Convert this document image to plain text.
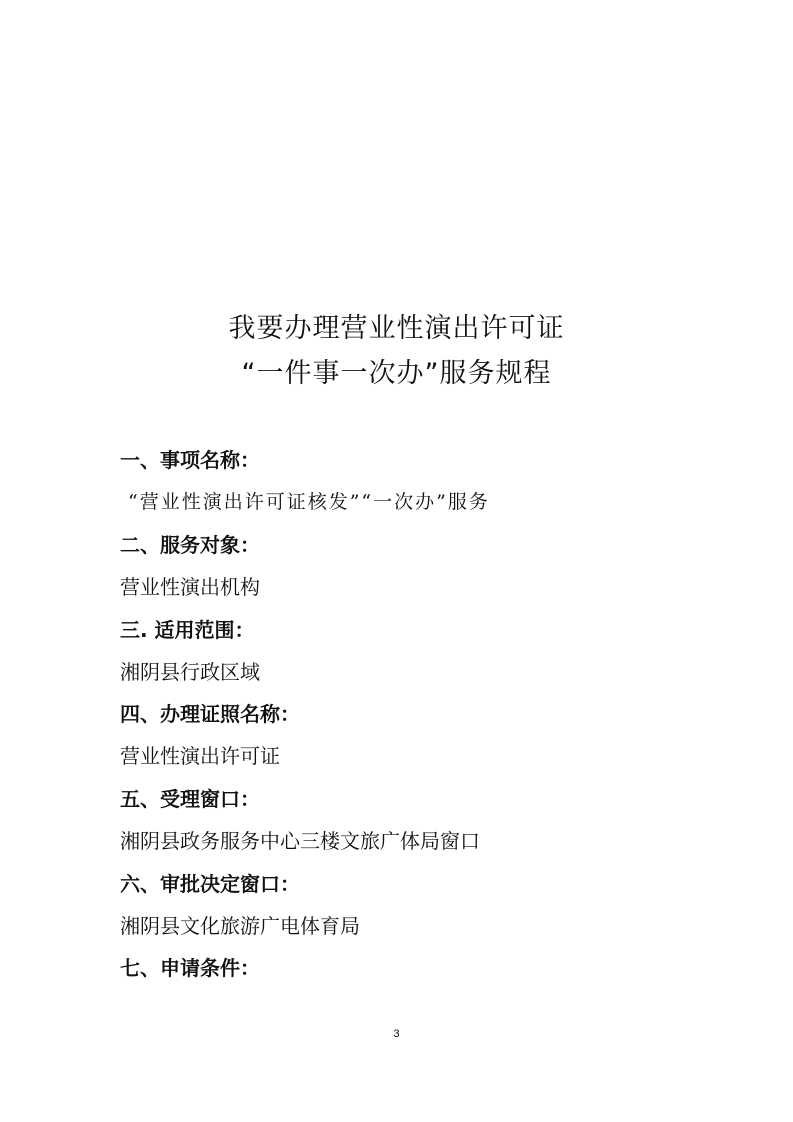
我要办理营业性演出许可证
“一件事一次办”服务规程
一、事项名称：
“营业性演出许可证核发”“一次办”服务
二、服务对象：
营业性演出机构
三. 适用范围：
湘阴县行政区域
四、办理证照名称：
营业性演出许可证
五、受理窗口：
湘阴县政务服务中心三楼文旅广体局窗口
六、审批决定窗口：
湘阴县文化旅游广电体育局
七、申请条件：
3
